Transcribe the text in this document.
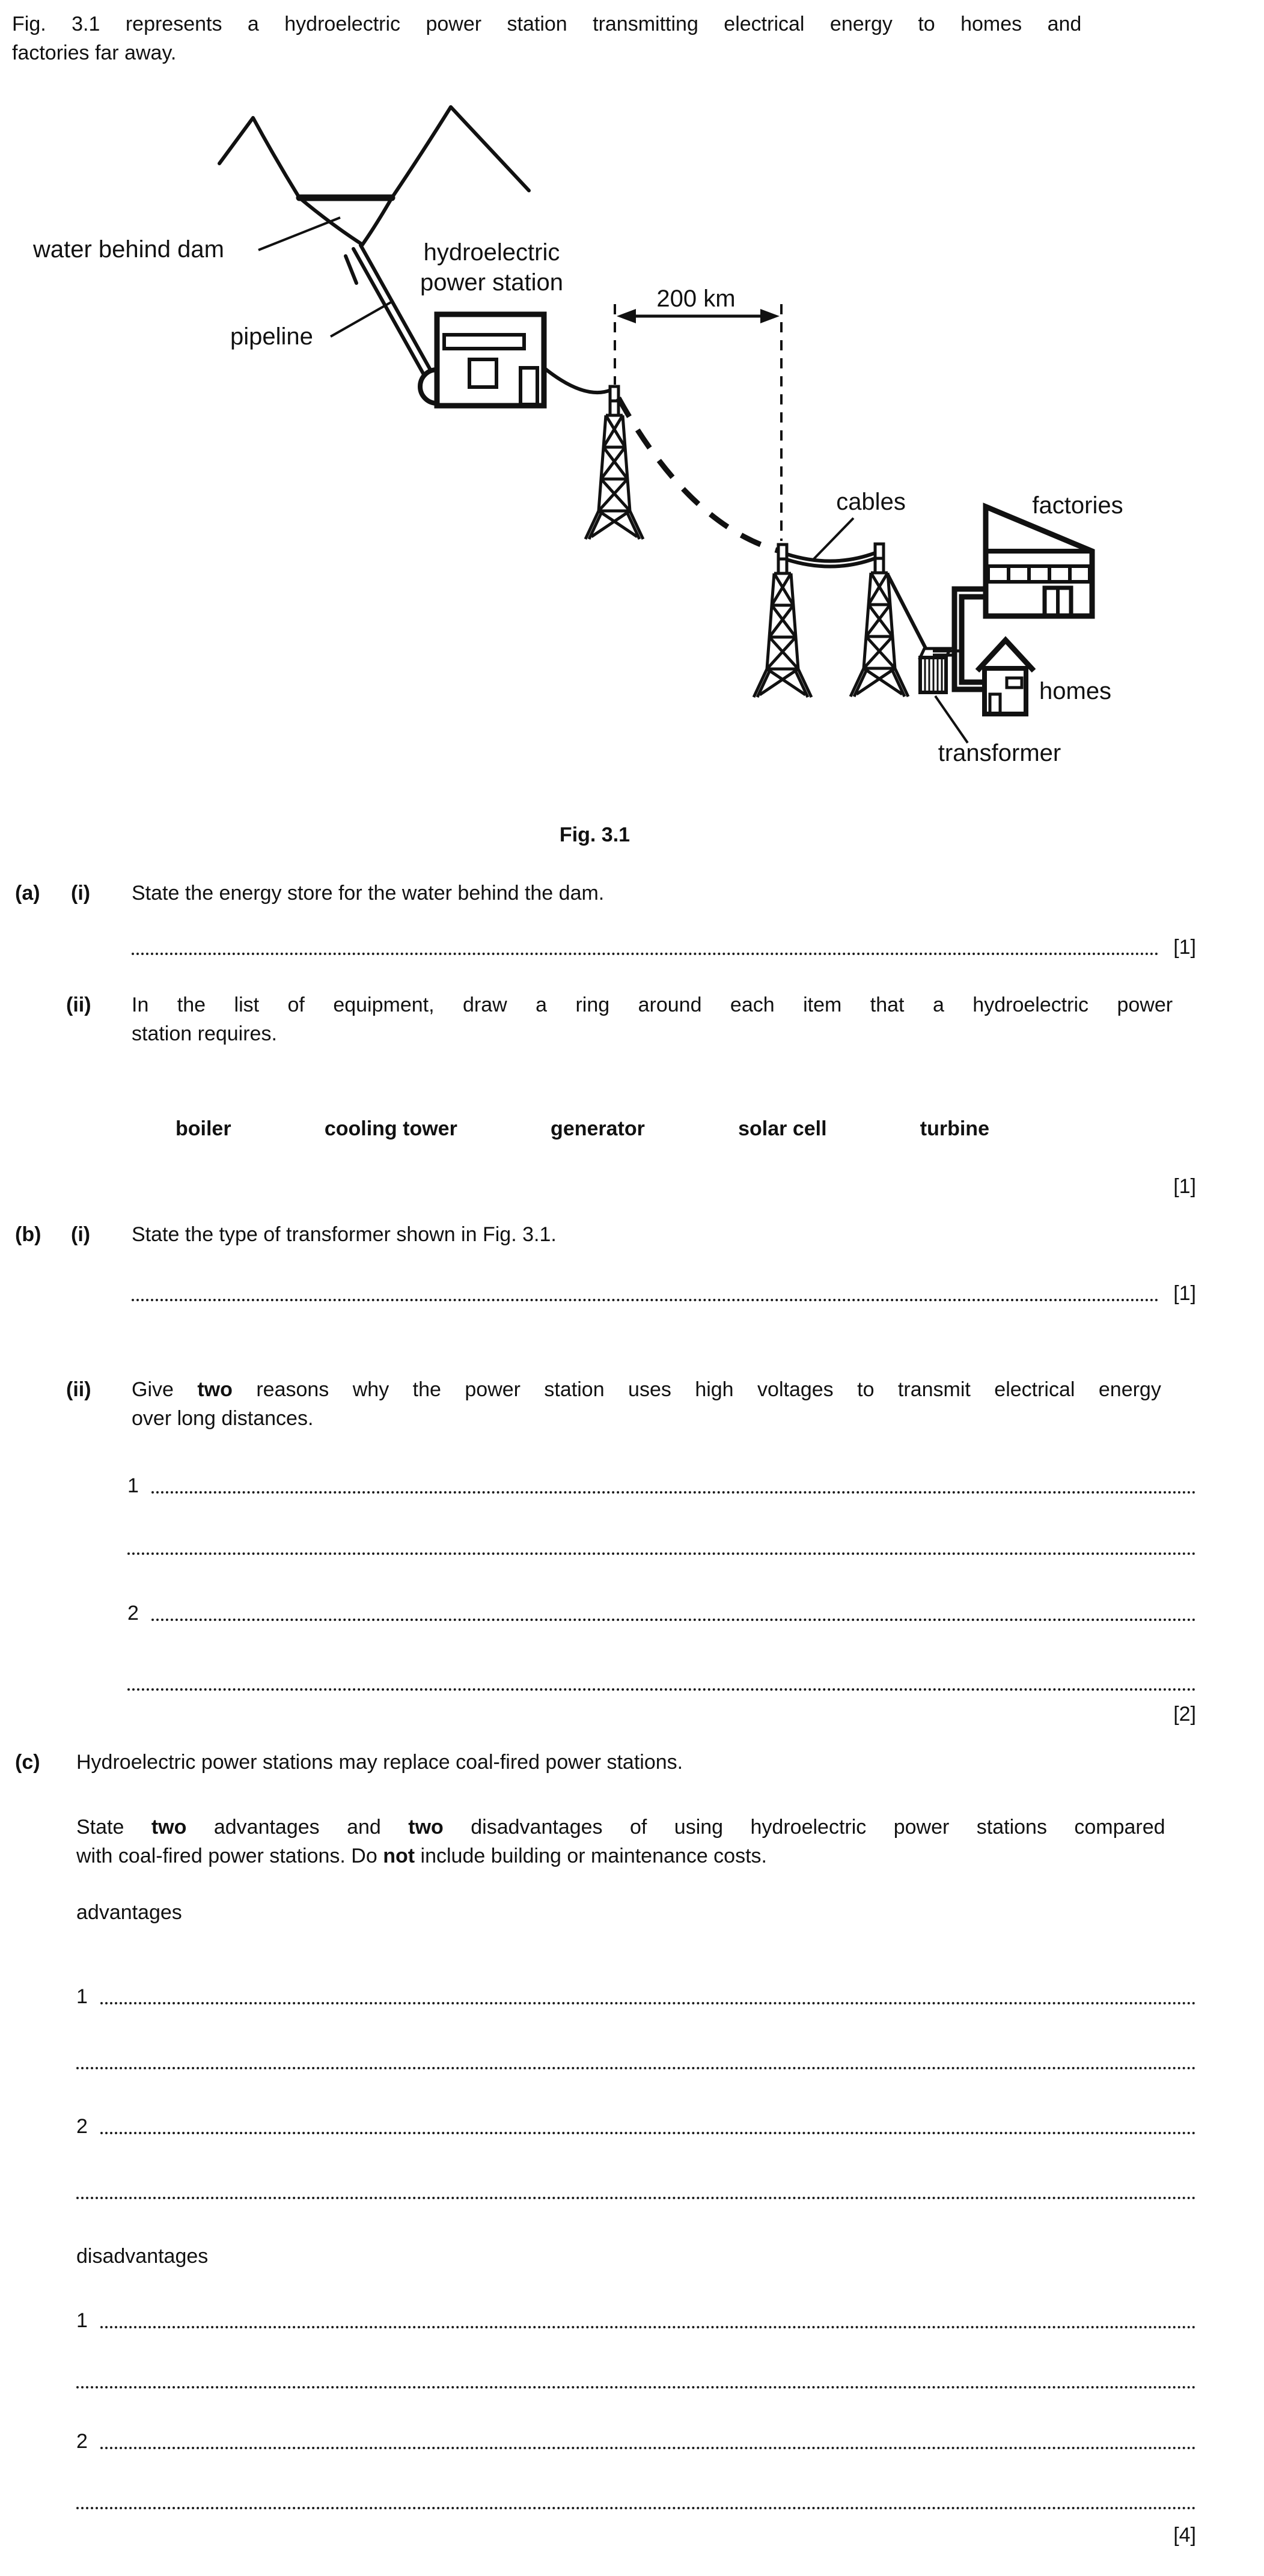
Fig. 3.1 represents a hydroelectric power station transmitting electrical energy to homes and
factories far away.
200 km
water behind dam	hydroelectric
power station
pipeline
cables	factories
homes
transformer
Fig. 3.1
(a) (i) State the energy store for the water behind the dam.
[1]
(ii) In the list of equipment, draw a ring around each item that a hydroelectric power
station requires.
boiler	cooling tower	generator	solar cell	turbine
[1]
(b) (i) State the type of transformer shown in Fig. 3.1.
[1]
(ii) Give two reasons why the power station uses high voltages to transmit electrical energy
over long distances.
1
2
[2]
(c) Hydroelectric power stations may replace coal-fired power stations.
State two advantages and two disadvantages of using hydroelectric power stations compared
with coal-fired power stations. Do not include building or maintenance costs.
advantages
1
2
disadvantages
1
2
[4]
